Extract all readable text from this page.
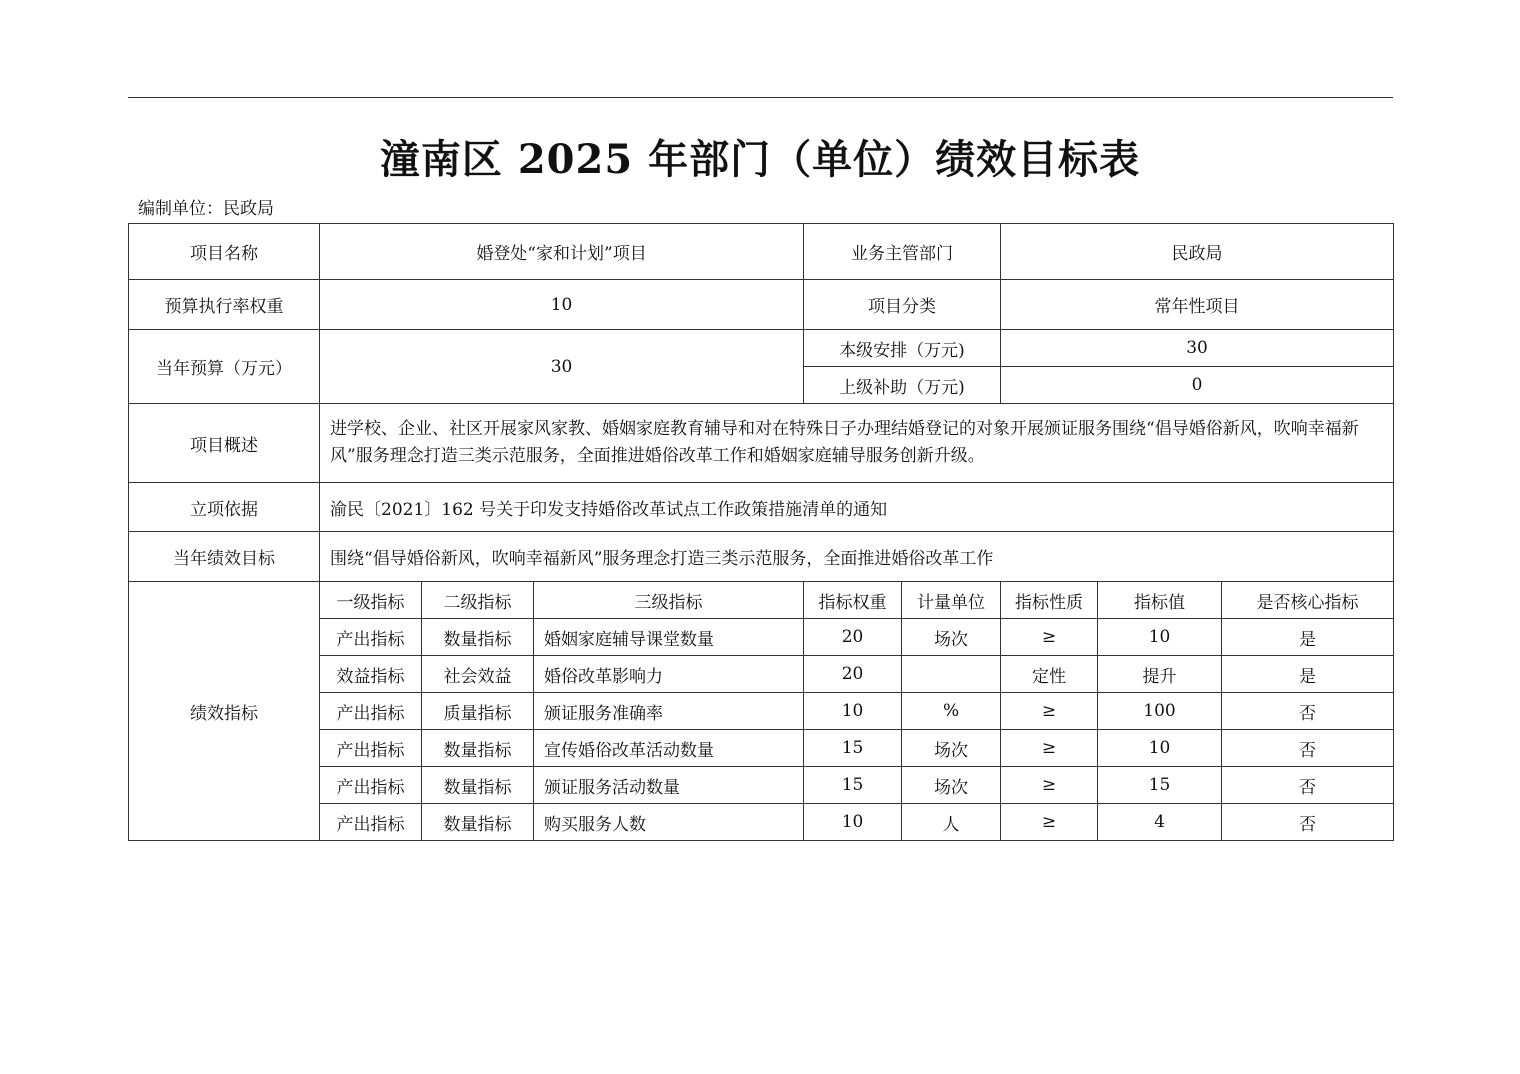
潼南区 2025 年部门（单位）绩效目标表
编制单位：民政局
项目名称	婚登处“家和计划”项目			业务主管部门		民政局		
预算执行率权重	10			项目分类		常年性项目		
当年预算（万元）	30			本级安排（万元)		30		
				上级补助（万元)		0		
项目概述	进学校、企业、社区开展家风家教、婚姻家庭教育辅导和对在特殊日子办理结婚登记的对象开展颁证服务围绕“倡导婚俗新风，吹响幸福新风”服务理念打造三类示范服务，全面推进婚俗改革工作和婚姻家庭辅导服务创新升级。							
立项依据	渝民〔2021〕162 号关于印发支持婚俗改革试点工作政策措施清单的通知							
当年绩效目标	围绕“倡导婚俗新风，吹响幸福新风”服务理念打造三类示范服务，全面推进婚俗改革工作							
绩效指标	一级指标	二级指标	三级指标	指标权重	计量单位	指标性质	指标值	是否核心指标
	产出指标	数量指标	婚姻家庭辅导课堂数量	20	场次	≥	10	是
	效益指标	社会效益	婚俗改革影响力	20		定性	提升	是
	产出指标	质量指标	颁证服务准确率	10	%	≥	100	否
	产出指标	数量指标	宣传婚俗改革活动数量	15	场次	≥	10	否
	产出指标	数量指标	颁证服务活动数量	15	场次	≥	15	否
	产出指标	数量指标	购买服务人数	10	人	≥	4	否
